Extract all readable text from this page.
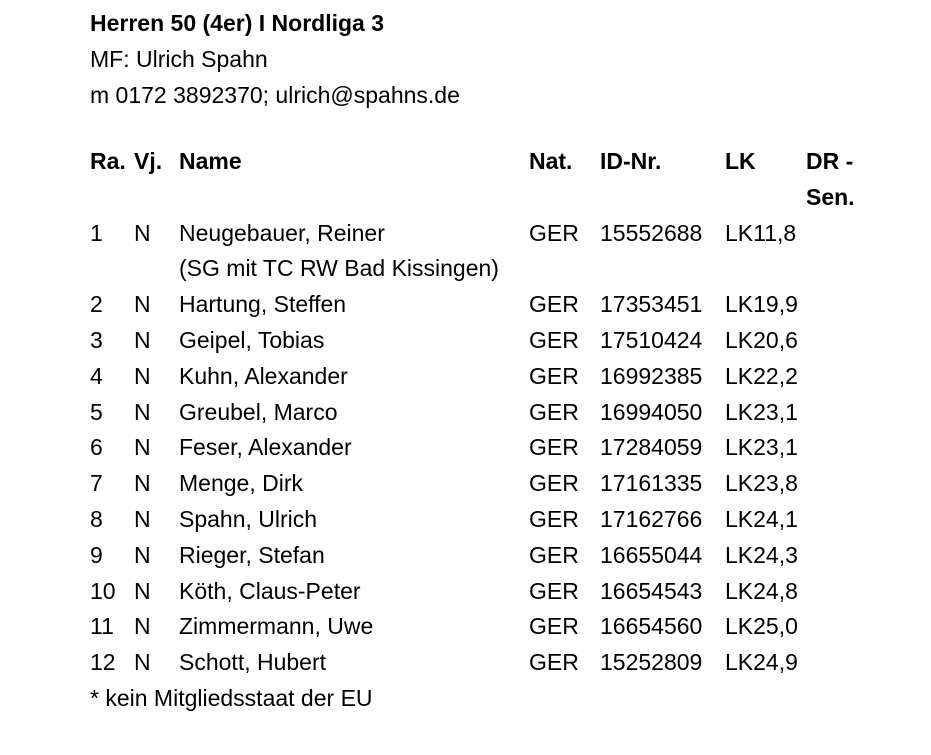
Herren 50 (4er) I Nordliga 3
MF: Ulrich Spahn
m 0172 3892370; ulrich@spahns.de
Ra.	Vj.	Name	Nat.	ID-Nr.	LK	DR -
Sen.

1	N	Neugebauer, Reiner
(SG mit TC RW Bad Kissingen)	GER	15552688	LK11,8	
2	N	Hartung, Steffen	GER	17353451	LK19,9	
3	N	Geipel, Tobias	GER	17510424	LK20,6	
4	N	Kuhn, Alexander	GER	16992385	LK22,2	
5	N	Greubel, Marco	GER	16994050	LK23,1	
6	N	Feser, Alexander	GER	17284059	LK23,1	
7	N	Menge, Dirk	GER	17161335	LK23,8	
8	N	Spahn, Ulrich	GER	17162766	LK24,1	
9	N	Rieger, Stefan	GER	16655044	LK24,3	
10	N	Köth, Claus-Peter	GER	16654543	LK24,8	
11	N	Zimmermann, Uwe	GER	16654560	LK25,0	
12	N	Schott, Hubert	GER	15252809	LK24,9	
* kein Mitgliedsstaat der EU
